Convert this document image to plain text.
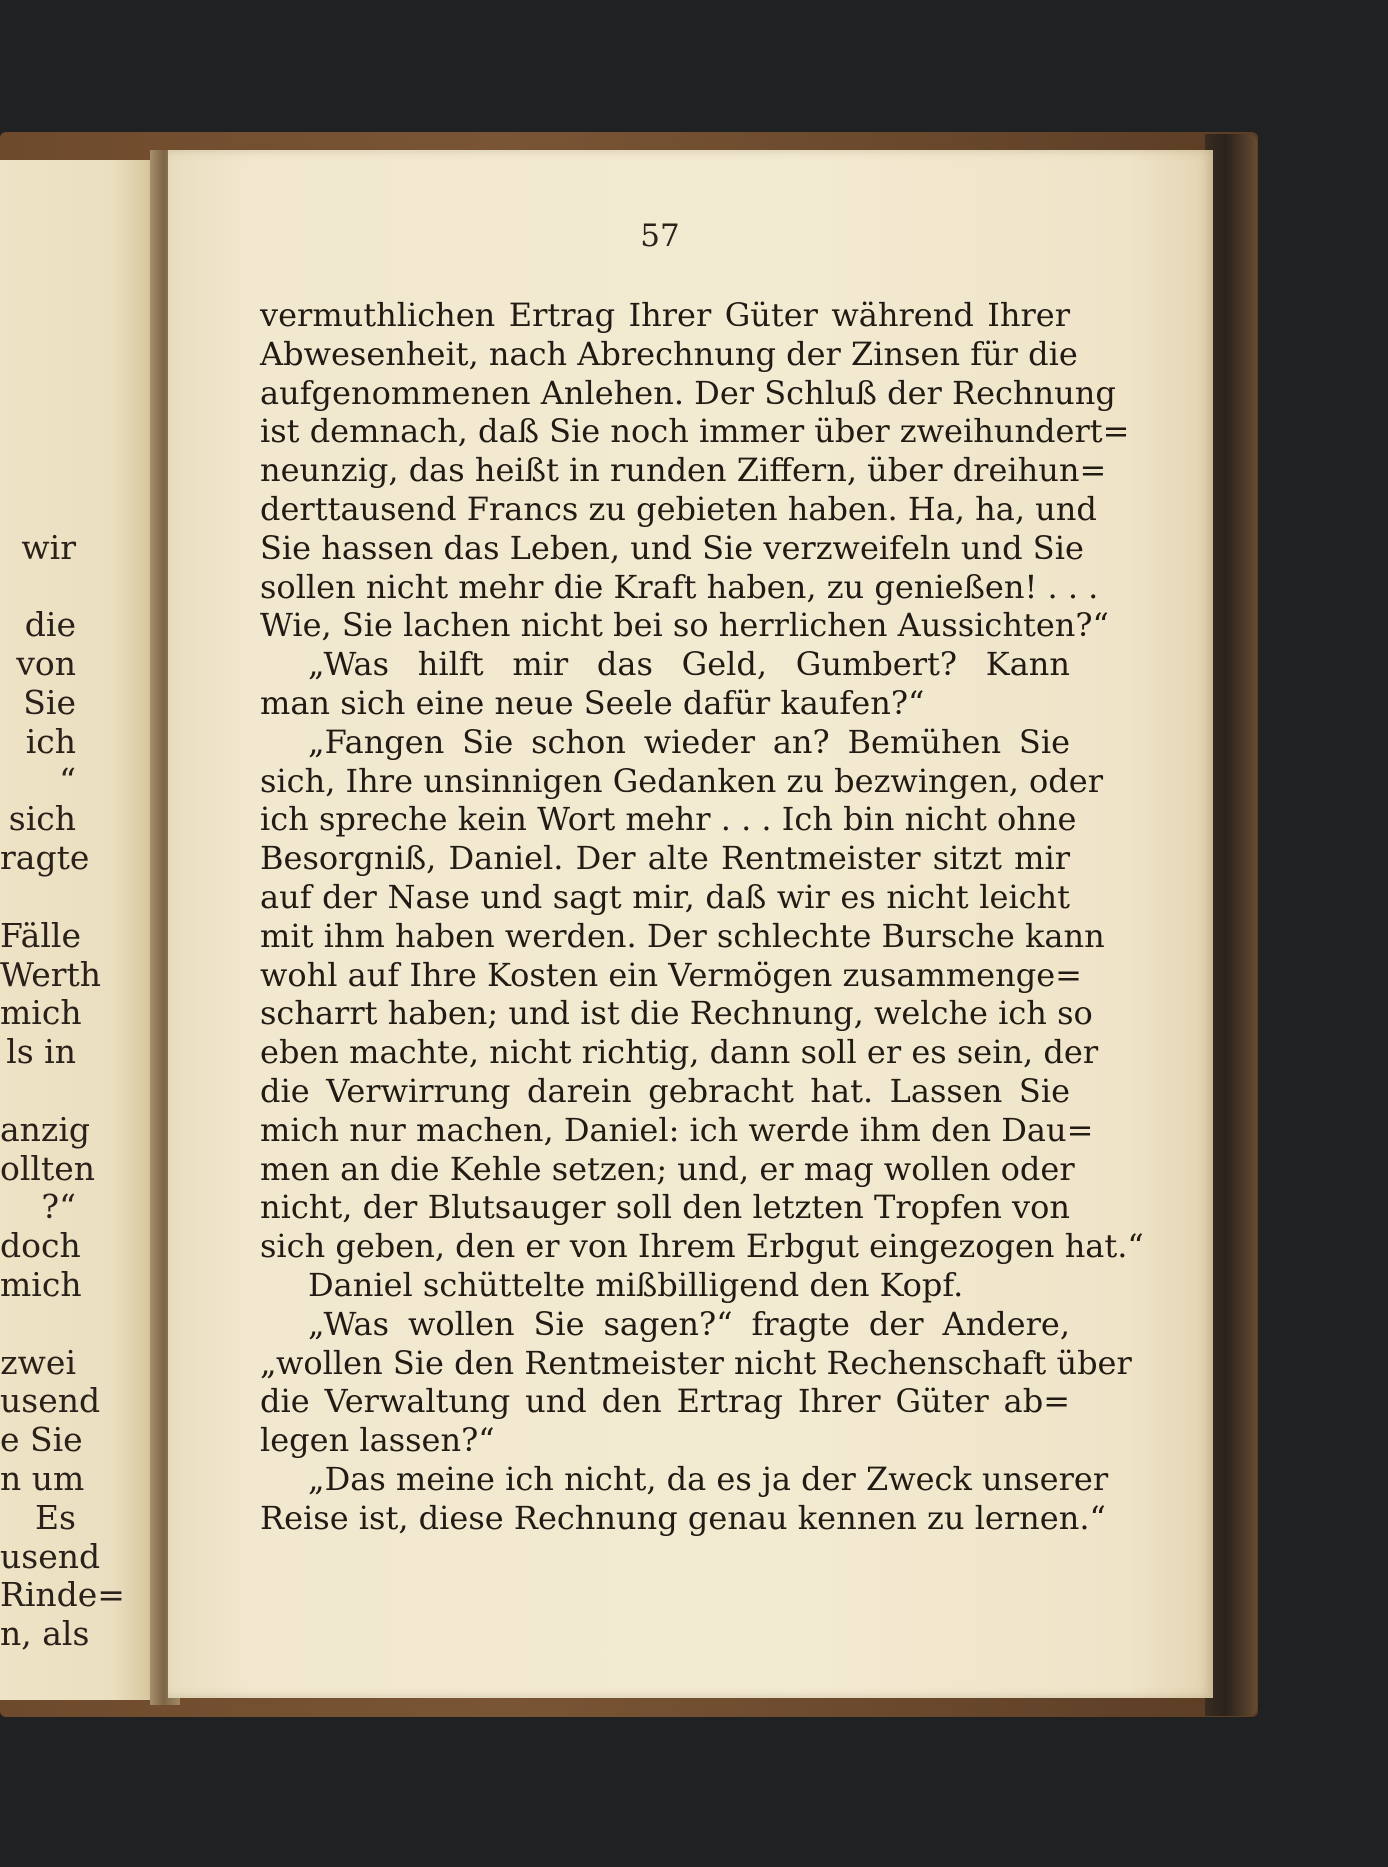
wir
die
von
Sie
ich
“
sich
ragte
Fälle
Werth
mich
ls in
anzig
ollten
?“
doch
mich
zwei
usend
e Sie
n um
Es
usend
Rinde=
n, als
57
vermuthlichen Ertrag Ihrer Güter während Ihrer
Abwesenheit, nach Abrechnung der Zinsen für die
aufgenommenen Anlehen. Der Schluß der Rechnung
ist demnach, daß Sie noch immer über zweihundert=
neunzig, das heißt in runden Ziffern, über dreihun=
derttausend Francs zu gebieten haben. Ha, ha, und
Sie hassen das Leben, und Sie verzweifeln und Sie
sollen nicht mehr die Kraft haben, zu genießen! . . .
Wie, Sie lachen nicht bei so herrlichen Aussichten?“
„Was hilft mir das Geld, Gumbert? Kann
man sich eine neue Seele dafür kaufen?“
„Fangen Sie schon wieder an? Bemühen Sie
sich, Ihre unsinnigen Gedanken zu bezwingen, oder
ich spreche kein Wort mehr . . . Ich bin nicht ohne
Besorgniß, Daniel. Der alte Rentmeister sitzt mir
auf der Nase und sagt mir, daß wir es nicht leicht
mit ihm haben werden. Der schlechte Bursche kann
wohl auf Ihre Kosten ein Vermögen zusammenge=
scharrt haben; und ist die Rechnung, welche ich so
eben machte, nicht richtig, dann soll er es sein, der
die Verwirrung darein gebracht hat. Lassen Sie
mich nur machen, Daniel: ich werde ihm den Dau=
men an die Kehle setzen; und, er mag wollen oder
nicht, der Blutsauger soll den letzten Tropfen von
sich geben, den er von Ihrem Erbgut eingezogen hat.“
Daniel schüttelte mißbilligend den Kopf.
„Was wollen Sie sagen?“ fragte der Andere,
„wollen Sie den Rentmeister nicht Rechenschaft über
die Verwaltung und den Ertrag Ihrer Güter ab=
legen lassen?“
„Das meine ich nicht, da es ja der Zweck unserer
Reise ist, diese Rechnung genau kennen zu lernen.“
